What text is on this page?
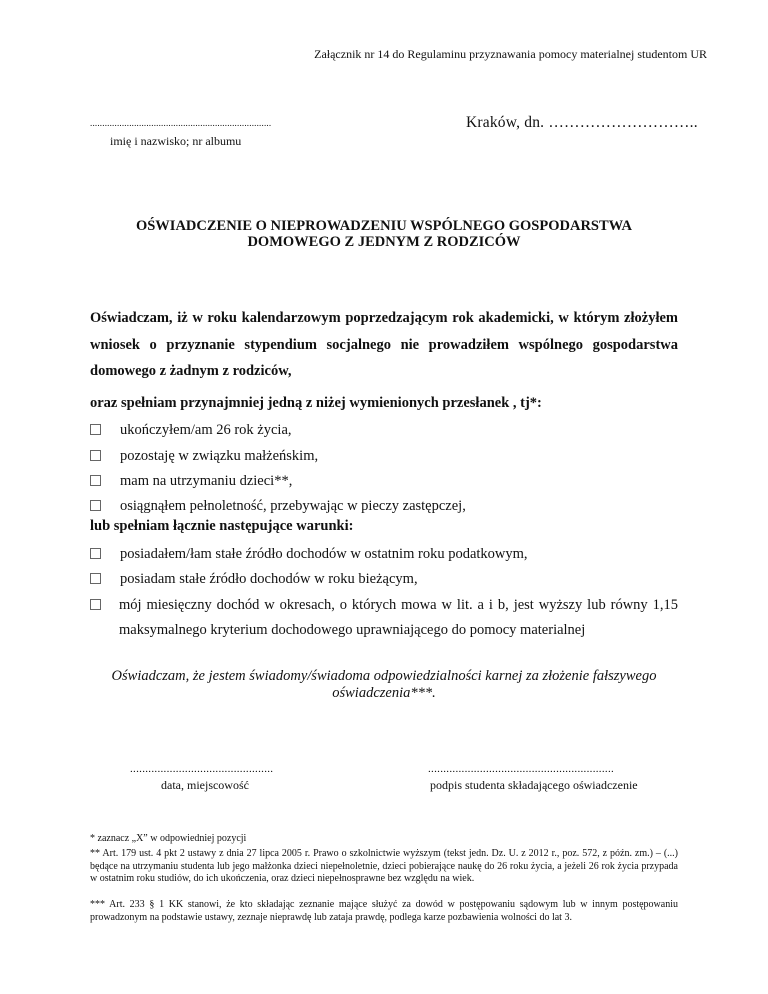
Załącznik nr 14 do Regulaminu przyznawania pomocy materialnej studentom UR
..........................................................................
imię i nazwisko; nr albumu
Kraków, dn. ………………………..
OŚWIADCZENIE O NIEPROWADZENIU WSPÓLNEGO GOSPODARSTWA
DOMOWEGO Z JEDNYM Z RODZICÓW
Oświadczam, iż w roku kalendarzowym poprzedzającym rok akademicki, w którym złożyłem
wniosek o przyznanie stypendium socjalnego nie prowadziłem wspólnego gospodarstwa
domowego z żadnym z rodziców,
oraz spełniam przynajmniej jedną z niżej wymienionych przesłanek , tj*:
ukończyłem/am 26 rok życia,
pozostaję w związku małżeńskim,
mam na utrzymaniu dzieci**,
osiągnąłem pełnoletność, przebywając w pieczy zastępczej,
lub spełniam łącznie następujące warunki:
posiadałem/łam stałe źródło dochodów w ostatnim roku podatkowym,
posiadam stałe źródło dochodów w roku bieżącym,
mój miesięczny dochód w okresach, o których mowa w lit. a i b, jest wyższy lub równy 1,15
maksymalnego kryterium dochodowego uprawniającego do pomocy materialnej
Oświadczam, że jestem świadomy/świadoma odpowiedzialności karnej za złożenie fałszywego oświadczenia***.
...............................................	.............................................................
data, miejscowość	podpis studenta składającego oświadczenie
* zaznacz „X” w odpowiedniej pozycji
** Art. 179 ust. 4 pkt 2 ustawy z dnia 27 lipca 2005 r. Prawo o szkolnictwie wyższym (tekst jedn. Dz. U. z 2012 r., poz. 572, z późn. zm.) – (...) będące na utrzymaniu studenta lub jego małżonka dzieci niepełnoletnie, dzieci pobierające naukę do 26 roku życia, a jeżeli 26 rok życia przypada w ostatnim roku studiów, do ich ukończenia, oraz dzieci niepełnosprawne bez względu na wiek.
*** Art. 233 § 1 KK stanowi, że kto składając zeznanie mające służyć za dowód w postępowaniu sądowym lub w innym postępowaniu prowadzonym na podstawie ustawy, zeznaje nieprawdę lub zataja prawdę, podlega karze pozbawienia wolności do lat 3.
